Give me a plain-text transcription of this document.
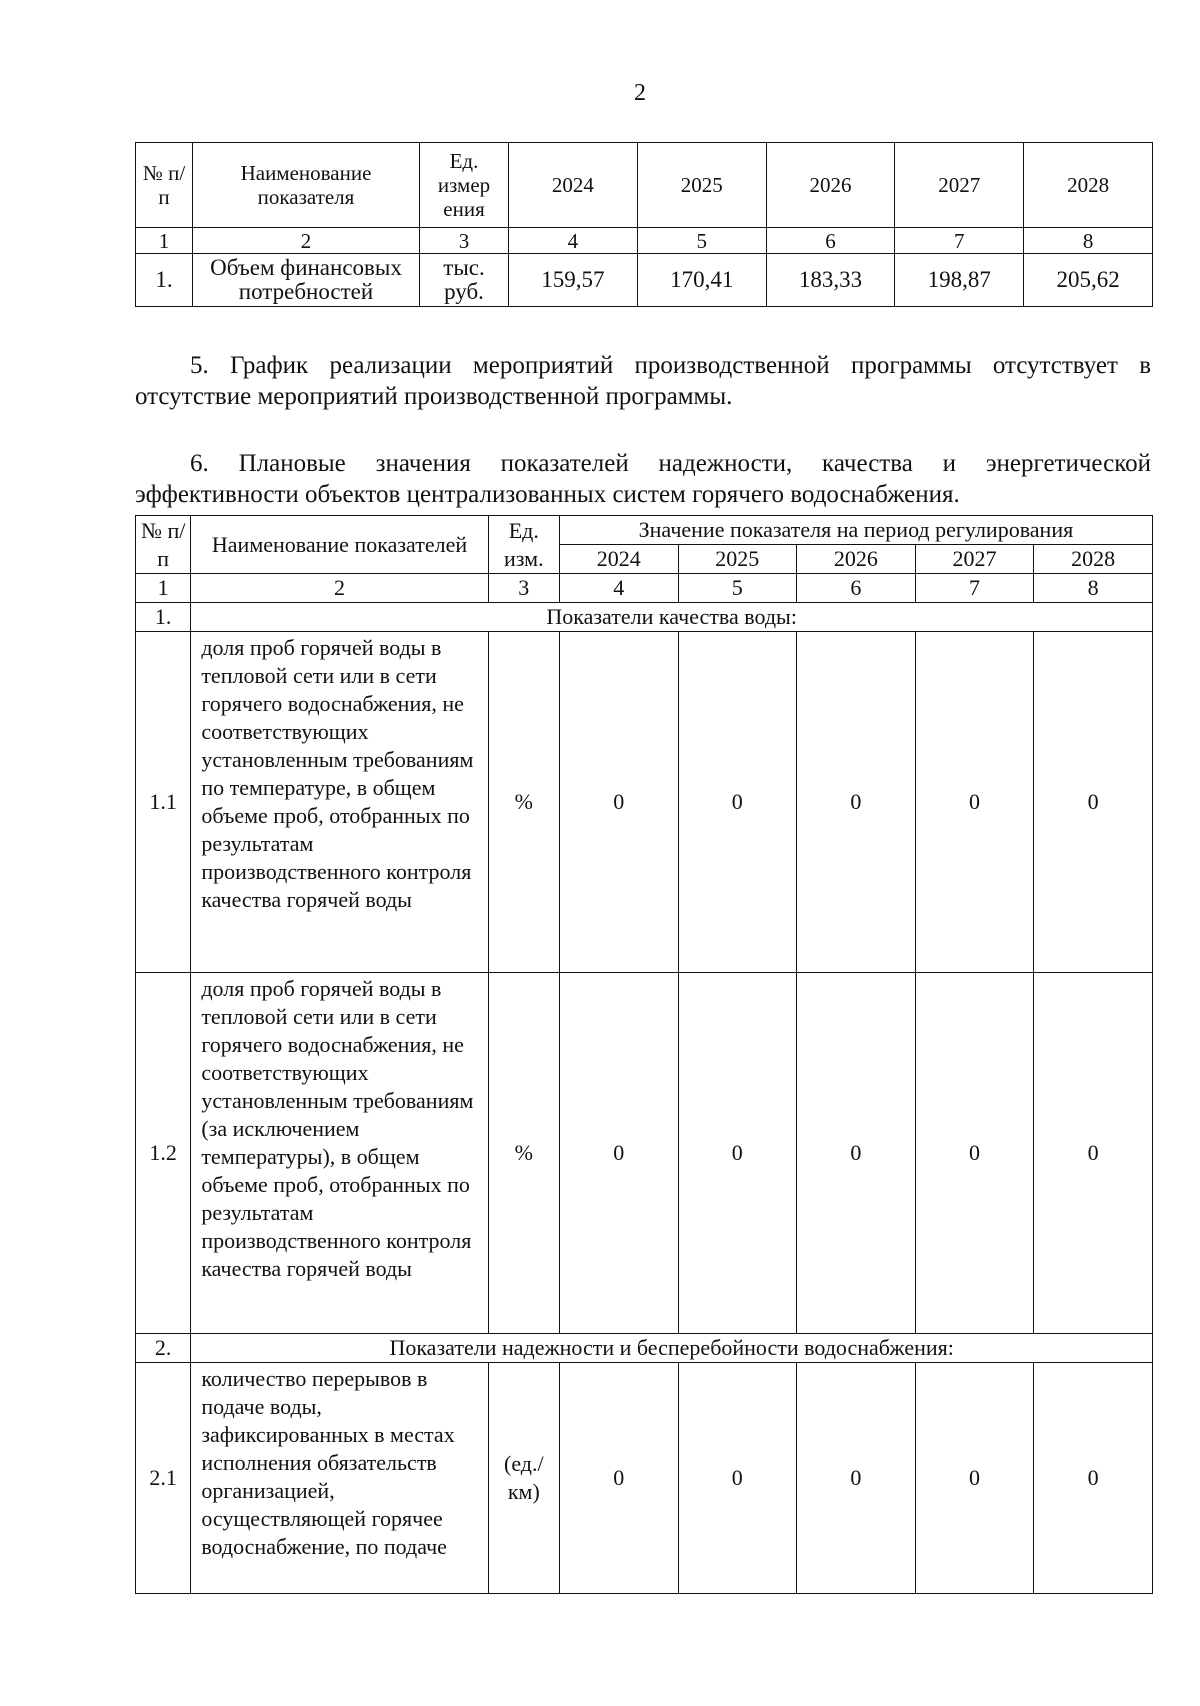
2
№ п/п	Наименование показателя	Ед. измер ения	2024	2025	2026	2027	2028
1	2	3	4	5	6	7	8
1.	Объем финансовых потребностей	тыс. руб.	159,57	170,41	183,33	198,87	205,62

5. График реализации мероприятий производственной программы отсутствует в отсутствие мероприятий производственной программы.

6. Плановые значения показателей надежности, качества и энергетической эффективности объектов централизованных систем горячего водоснабжения.

№ п/п	Наименование показателей	Ед. изм.	Значение показателя на период регулирования				
			2024	2025	2026	2027	2028
1	2	3	4	5	6	7	8
1.	Показатели качества воды:						
1.1	доля проб горячей воды в тепловой сети или в сети горячего водоснабжения, не соответствующих установленным требованиям по температуре, в общем объеме проб, отобранных по результатам производственного контроля качества горячей воды	%	0	0	0	0	0
1.2	доля проб горячей воды в тепловой сети или в сети горячего водоснабжения, не соответствующих установленным требованиям (за исключением температуры), в общем объеме проб, отобранных по результатам производственного контроля качества горячей воды	%	0	0	0	0	0
2.	Показатели надежности и бесперебойности водоснабжения:						
2.1	количество перерывов в подаче воды, зафиксированных в местах исполнения обязательств организацией, осуществляющей горячее водоснабжение, по подаче	(ед./ км)	0	0	0	0	0
